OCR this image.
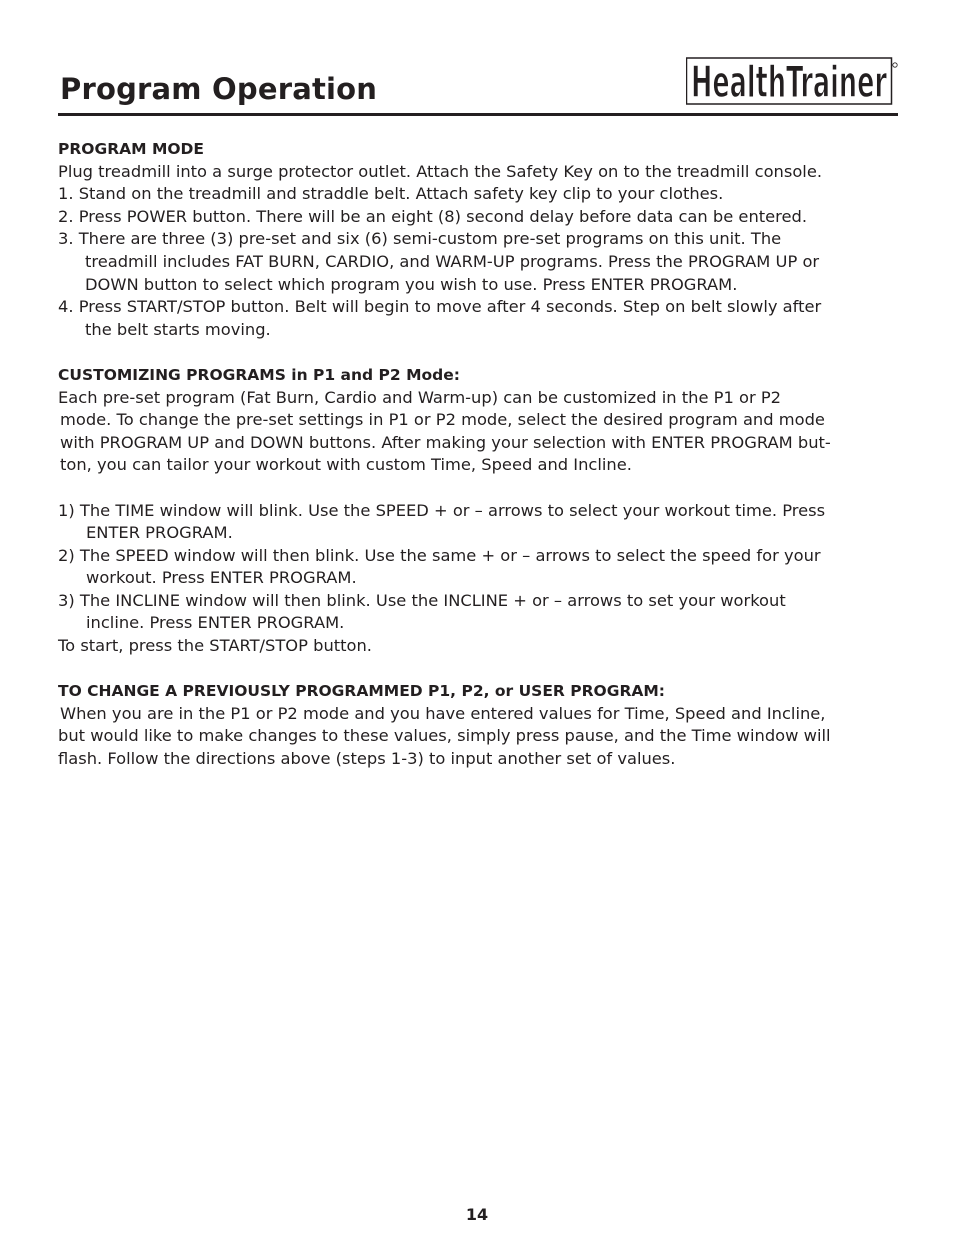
Program Operation	HealthTrainer
PROGRAM MODE
Plug treadmill into a surge protector outlet. Attach the Safety Key on to the treadmill console.
1. Stand on the treadmill and straddle belt. Attach safety key clip to your clothes.
2. Press POWER button. There will be an eight (8) second delay before data can be entered.
3. There are three (3) pre-set and six (6) semi-custom pre-set programs on this unit. The
treadmill includes FAT BURN, CARDIO, and WARM-UP programs. Press the PROGRAM UP or
DOWN button to select which program you wish to use. Press ENTER PROGRAM.
4. Press START/STOP button. Belt will begin to move after 4 seconds. Step on belt slowly after
the belt starts moving.
CUSTOMIZING PROGRAMS in P1 and P2 Mode:
Each pre-set program (Fat Burn, Cardio and Warm-up) can be customized in the P1 or P2
mode. To change the pre-set settings in P1 or P2 mode, select the desired program and mode
with PROGRAM UP and DOWN buttons. After making your selection with ENTER PROGRAM but-
ton, you can tailor your workout with custom Time, Speed and Incline.
1) The TIME window will blink. Use the SPEED + or – arrows to select your workout time. Press
ENTER PROGRAM.
2) The SPEED window will then blink. Use the same + or – arrows to select the speed for your
workout. Press ENTER PROGRAM.
3) The INCLINE window will then blink. Use the INCLINE + or – arrows to set your workout
incline. Press ENTER PROGRAM.
To start, press the START/STOP button.
TO CHANGE A PREVIOUSLY PROGRAMMED P1, P2, or USER PROGRAM:
When you are in the P1 or P2 mode and you have entered values for Time, Speed and Incline,
but would like to make changes to these values, simply press pause, and the Time window will
flash. Follow the directions above (steps 1-3) to input another set of values.
14
